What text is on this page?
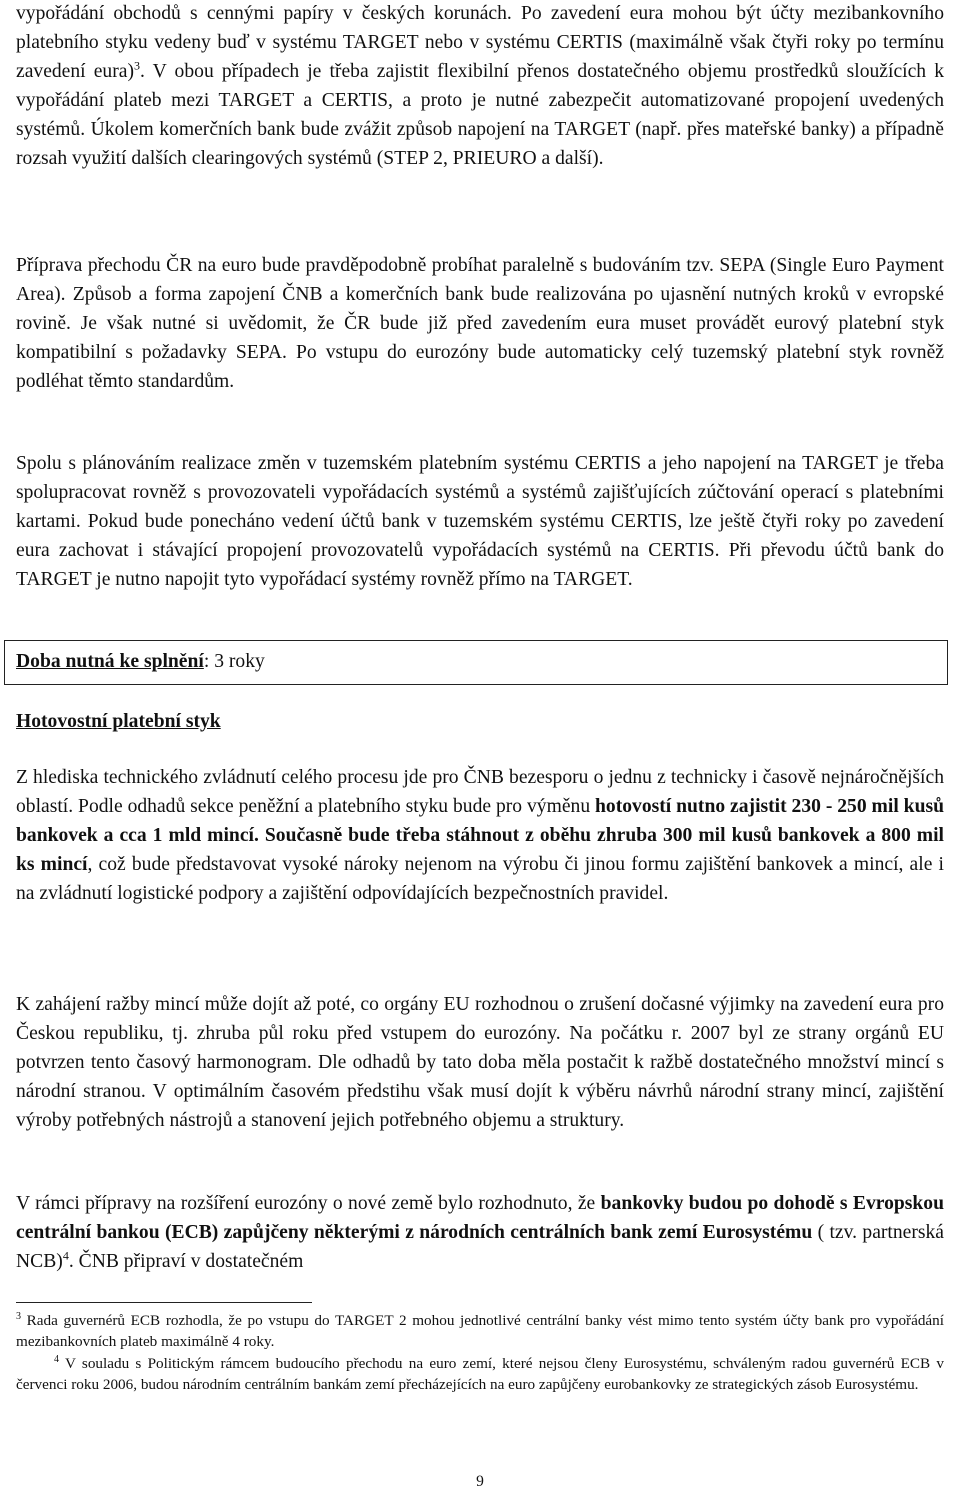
vypořádání obchodů s cennými papíry v českých korunách. Po zavedení eura mohou být účty mezibankovního platebního styku vedeny buď v systému TARGET nebo v systému CERTIS (maximálně však čtyři roky po termínu zavedení eura)$^3$. V obou případech je třeba zajistit flexibilní přenos dostatečného objemu prostředků sloužících k vypořádání plateb mezi TARGET a CERTIS, a proto je nutné zabezpečit automatizované propojení uvedených systémů. Úkolem komerčních bank bude zvážit způsob napojení na TARGET (např. přes mateřské banky) a případně rozsah využití dalších clearingových systémů (STEP 2, PRIEURO a další).

Příprava přechodu ČR na euro bude pravděpodobně probíhat paralelně s budováním tzv. SEPA (Single Euro Payment Area). Způsob a forma zapojení ČNB a komerčních bank bude realizována po ujasnění nutných kroků v evropské rovině. Je však nutné si uvědomit, že ČR bude již před zavedením eura muset provádět eurový platební styk kompatibilní s požadavky SEPA. Po vstupu do eurozóny bude automaticky celý tuzemský platební styk rovněž podléhat těmto standardům.

Spolu s plánováním realizace změn v tuzemském platebním systému CERTIS a jeho napojení na TARGET je třeba spolupracovat rovněž s provozovateli vypořádacích systémů a systémů zajišťujících zúčtování operací s platebními kartami. Pokud bude ponecháno vedení účtů bank v tuzemském systému CERTIS, lze ještě čtyři roky po zavedení eura zachovat i stávající propojení provozovatelů vypořádacích systémů na CERTIS. Při převodu účtů bank do TARGET je nutno napojit tyto vypořádací systémy rovněž přímo na TARGET.

Doba nutná ke splnění: 3 roky
Hotovostní platební styk

Z hlediska technického zvládnutí celého procesu jde pro ČNB bezesporu o jednu z technicky i časově nejnáročnějších oblastí. Podle odhadů sekce peněžní a platebního styku bude pro výměnu hotovostí nutno zajistit 230 - 250 mil kusů bankovek a cca 1 mld mincí. Současně bude třeba stáhnout z oběhu zhruba 300 mil kusů bankovek a 800 mil ks mincí, což bude představovat vysoké nároky nejenom na výrobu či jinou formu zajištění bankovek a mincí, ale i na zvládnutí logistické podpory a zajištění odpovídajících bezpečnostních pravidel.

K zahájení ražby mincí může dojít až poté, co orgány EU rozhodnou o zrušení dočasné výjimky na zavedení eura pro Českou republiku, tj. zhruba půl roku před vstupem do eurozóny. Na počátku r. 2007 byl ze strany orgánů EU potvrzen tento časový harmonogram. Dle odhadů by tato doba měla postačit k ražbě dostatečného množství mincí s národní stranou. V optimálním časovém předstihu však musí dojít k výběru návrhů národní strany mincí, zajištění výroby potřebných nástrojů a stanovení jejich potřebného objemu a struktury.

V rámci přípravy na rozšíření eurozóny o nové země bylo rozhodnuto, že bankovky budou po dohodě s Evropskou centrální bankou (ECB) zapůjčeny některými z národních centrálních bank zemí Eurosystému ( tzv. partnerská NCB)$^4$. ČNB připraví v dostatečném

$^3$ Rada guvernérů ECB rozhodla, že po vstupu do TARGET 2 mohou jednotlivé centrální banky vést mimo tento systém účty bank pro vypořádání mezibankovních plateb maximálně 4 roky.

$^4$ V souladu s Politickým rámcem budoucího přechodu na euro zemí, které nejsou členy Eurosystému, schváleným radou guvernérů ECB v červenci roku 2006, budou národním centrálním bankám zemí přecházejících na euro zapůjčeny eurobankovky ze strategických zásob Eurosystému.

9
